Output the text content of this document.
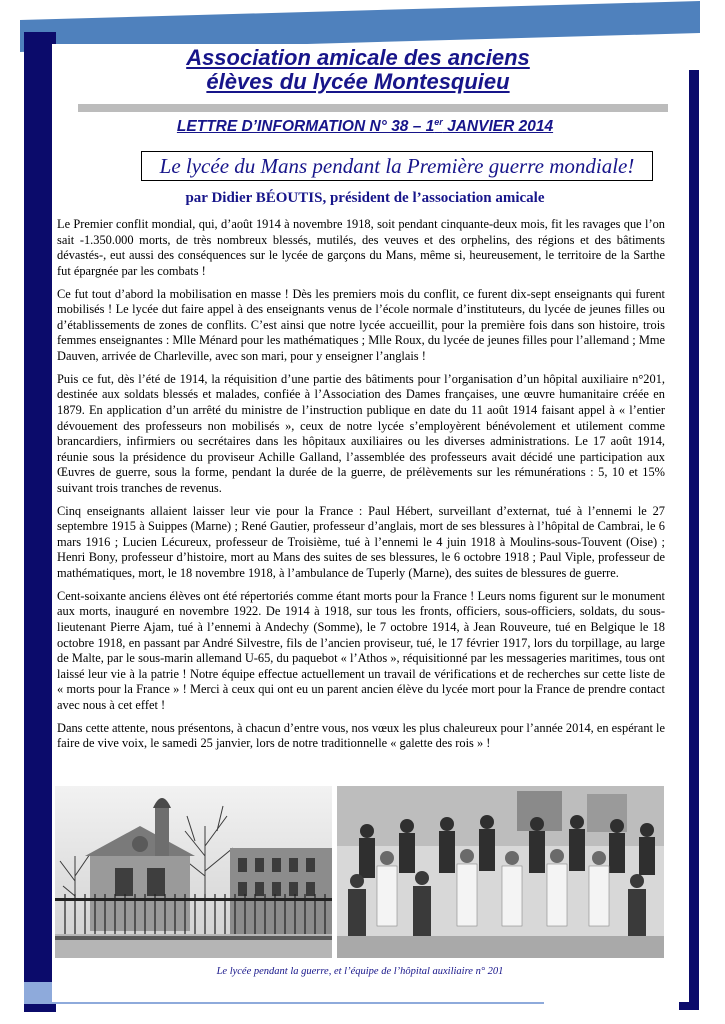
Association amicale des anciens
élèves du lycée Montesquieu
LETTRE D’INFORMATION N° 38 – 1er JANVIER 2014
Le lycée du Mans pendant la Première guerre mondiale!
par Didier BÉOUTIS, président de l’association amicale

Le Premier conflit mondial, qui, d’août 1914 à novembre 1918, soit pendant cinquante-deux mois, fit les ravages que l’on sait -1.350.000 morts, de très nombreux blessés, mutilés, des veuves et des orphelins, des régions et des bâtiments dévastés-, eut aussi des conséquences sur le lycée de garçons du Mans, même si, heureusement, le territoire de la Sarthe fut épargnée par les combats !

Ce fut tout d’abord la mobilisation en masse ! Dès les premiers mois du conflit, ce furent dix-sept enseignants qui furent mobilisés ! Le lycée dut faire appel à des enseignants venus de l’école normale d’instituteurs, du lycée de jeunes filles ou d’établissements de zones de conflits. C’est ainsi que notre lycée accueillit, pour la première fois dans son histoire, trois femmes enseignantes : Mlle Ménard pour les mathématiques ; Mlle Roux, du lycée de jeunes filles pour l’allemand ; Mme Dauven, arrivée de Charleville, avec son mari, pour y enseigner l’anglais !

Puis ce fut, dès l’été de 1914, la réquisition d’une partie des bâtiments pour l’organisation d’un hôpital auxiliaire n°201, destinée aux soldats blessés et malades, confiée à l’Association des Dames françaises, une œuvre humanitaire créée en 1879. En application d’un arrêté du ministre de l’instruction publique en date du 11 août 1914 faisant appel à « l’entier dévouement des professeurs non mobilisés », ceux de notre lycée s’employèrent bénévolement et utilement comme brancardiers, infirmiers ou secrétaires dans les hôpitaux auxiliaires ou les diverses administrations. Le 17 août 1914, réunie sous la présidence du proviseur Achille Galland, l’assemblée des professeurs avait décidé une participation aux Œuvres de guerre, sous la forme, pendant la durée de la guerre, de prélèvements sur les rémunérations : 5, 10 et 15% suivant trois tranches de revenus.

Cinq enseignants allaient laisser leur vie pour la France : Paul Hébert, surveillant d’externat, tué à l’ennemi le 27 septembre 1915 à Suippes (Marne) ; René Gautier, professeur d’anglais, mort de ses blessures à l’hôpital de Cambrai, le 6 mars 1916 ; Lucien Lécureux, professeur de Troisième, tué à l’ennemi le 4 juin 1918 à Moulins-sous-Touvent (Oise) ; Henri Bony, professeur d’histoire, mort au Mans des suites de ses blessures, le 6 octobre 1918 ; Paul Viple, professeur de mathématiques, mort, le 18 novembre 1918, à l’ambulance de Tuperly (Marne), des suites de blessures de guerre.

Cent-soixante anciens élèves ont été répertoriés comme étant morts pour la France ! Leurs noms figurent sur le monument aux morts, inauguré en novembre 1922. De 1914 à 1918, sur tous les fronts, officiers, sous-officiers, soldats, du sous-lieutenant Pierre Ajam, tué à l’ennemi à Andechy (Somme), le 7 octobre 1914, à Jean Rouveure, tué en Belgique le 18 octobre 1918, en passant par André Silvestre, fils de l’ancien proviseur, tué, le 17 février 1917, lors du torpillage, au large de Malte, par le sous-marin allemand U-65, du paquebot « l’Athos », réquisitionné par les messageries maritimes, tous ont laissé leur vie à la patrie ! Notre équipe effectue actuellement un travail de vérifications et de recherches sur cette liste de « morts pour la France » ! Merci à ceux qui ont eu un parent ancien élève du lycée mort pour la France de prendre contact avec nous à cet effet !

Dans cette attente, nous présentons, à chacun d’entre vous, nos vœux les plus chaleureux pour l’année 2014, en espérant le faire de vive voix, le samedi 25 janvier, lors de notre traditionnelle « galette des rois » !

Le lycée pendant la guerre, et l’équipe de l’hôpital auxiliaire n° 201
